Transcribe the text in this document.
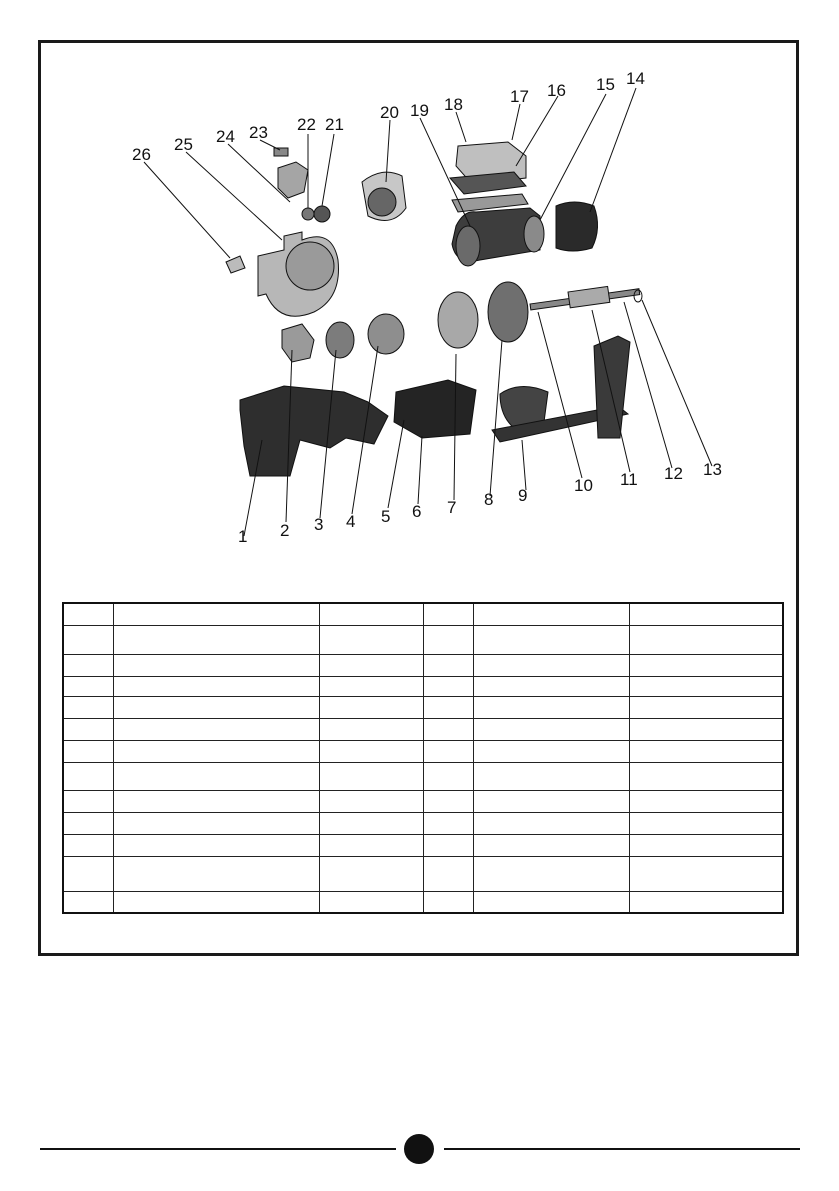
1 2 3 4 5 6 7 8 9
10 11 12 13
14
15
16
17
18
19
20
21
22
23
24
25
26
